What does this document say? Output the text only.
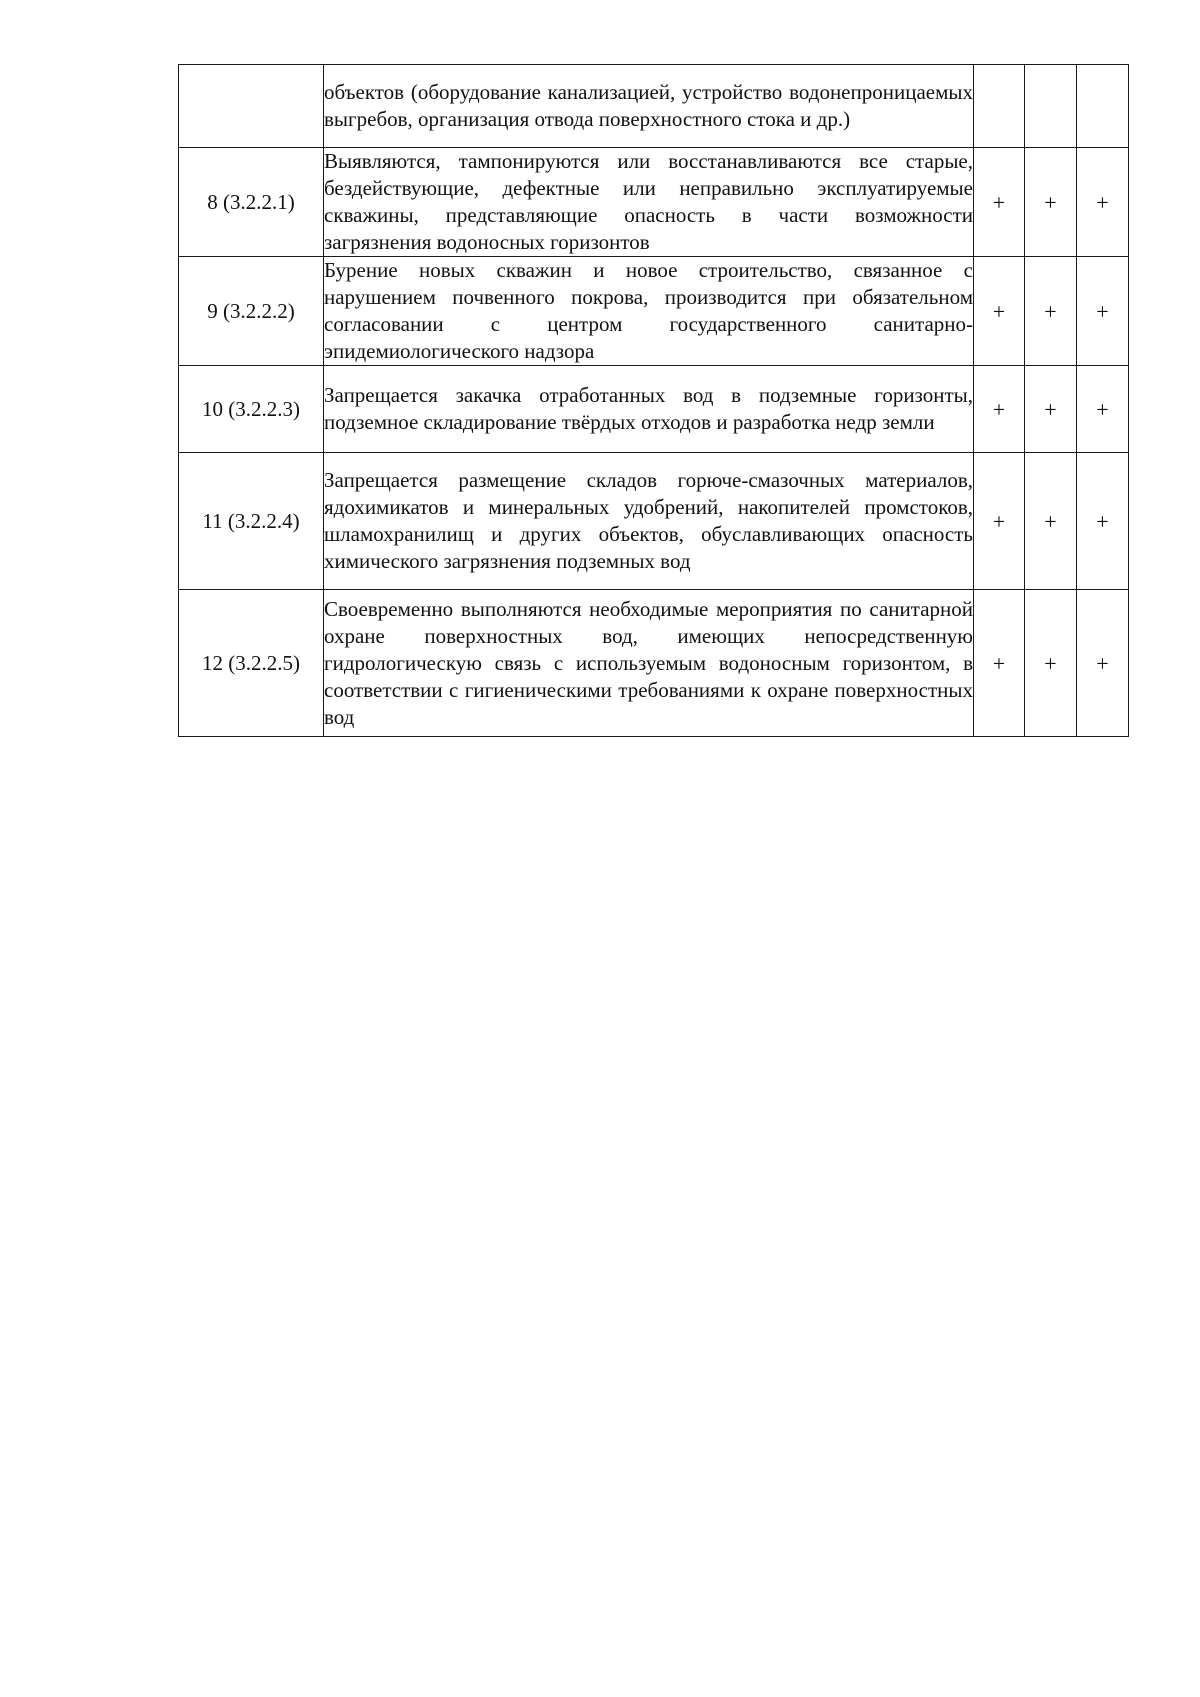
	объектов (оборудование канализацией, устройство водонепроницаемых выгребов, организация отвода поверхностного стока и др.)			
8 (3.2.2.1)	Выявляются, тампонируются или восстанавливаются все старые, бездействующие, дефектные или неправильно эксплуатируемые скважины, представляющие опасность в части возможности загрязнения водоносных горизонтов	+	+	+
9 (3.2.2.2)	Бурение новых скважин и новое строительство, связанное с нарушением почвенного покрова, производится при обязательном согласовании с центром государственного санитарно-эпидемиологического надзора	+	+	+
10 (3.2.2.3)	Запрещается закачка отработанных вод в подземные горизонты, подземное складирование твёрдых отходов и разработка недр земли	+	+	+
11 (3.2.2.4)	Запрещается размещение складов горюче-смазочных материалов, ядохимикатов и минеральных удобрений, накопителей промстоков, шламохранилищ и других объектов, обуславливающих опасность химического загрязнения подземных вод	+	+	+
12 (3.2.2.5)	Своевременно выполняются необходимые мероприятия по санитарной охране поверхностных вод, имеющих непосредственную гидрологическую связь с используемым водоносным горизонтом, в соответствии с гигиеническими требованиями к охране поверхностных вод	+	+	+
